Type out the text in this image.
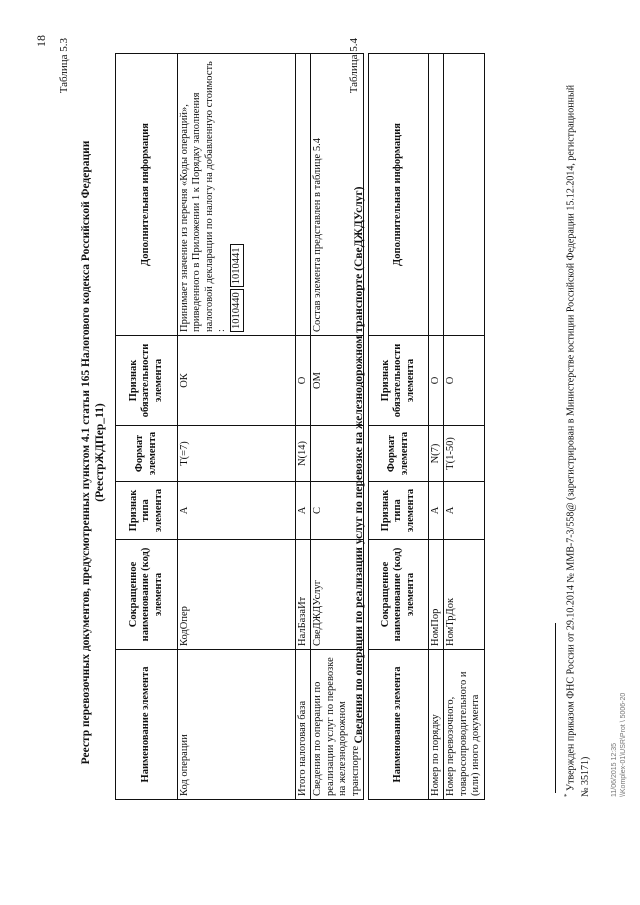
18 Таблица 5.3
Реестр перевозочных документов, предусмотренных пунктом 4.1 статьи 165 Налогового кодекса Российской Федерации (РеестрЖДПер_11)
Наименование элемента	Сокращенное наименование (код) элемента	Признак типа элемента	Формат элемента	Признак обязательности элемента	Дополнительная информация
Код операции	КодОпер	А	Т(=7)	ОК	Принимает значение из перечня «Коды операций», приведенного в Приложении 1 к Порядку заполнения налоговой декларации по налогу на добавленную стоимость :
10104401010441
Итого налоговая база	НалБазаИт	А	N(14)	О	
Сведения по операции по реализации услуг по перевозке на железнодорожном транспорте	СвеДЖДУслуг	С		ОМ	Состав элемента представлен в таблице 5.4
Таблица 5.4
Сведения по операции по реализации услуг по перевозке на железнодорожном транспорте (СвеДЖДУслуг)	Наименование элемента	Сокращенное наименование (код) элемента	Признак типа элемента	Формат элемента	Признак обязательности элемента	Дополнительная информация
Номер по порядку	НомПор	А	N(7)	О	
Номер перевозочного, товаросопроводительного и (или) иного документа	НомТрДок	А	Т(1-50)	О	
* Утвержден приказом ФНС России от 29.10.2014 № ММВ-7-3/558@ (зарегистрирован в Министерстве юстиции Российской Федерации 15.12.2014, регистрационный № 35171)	11/06/2015 12:35 \\Komplex-01\USR\Prot \ 5006-20
